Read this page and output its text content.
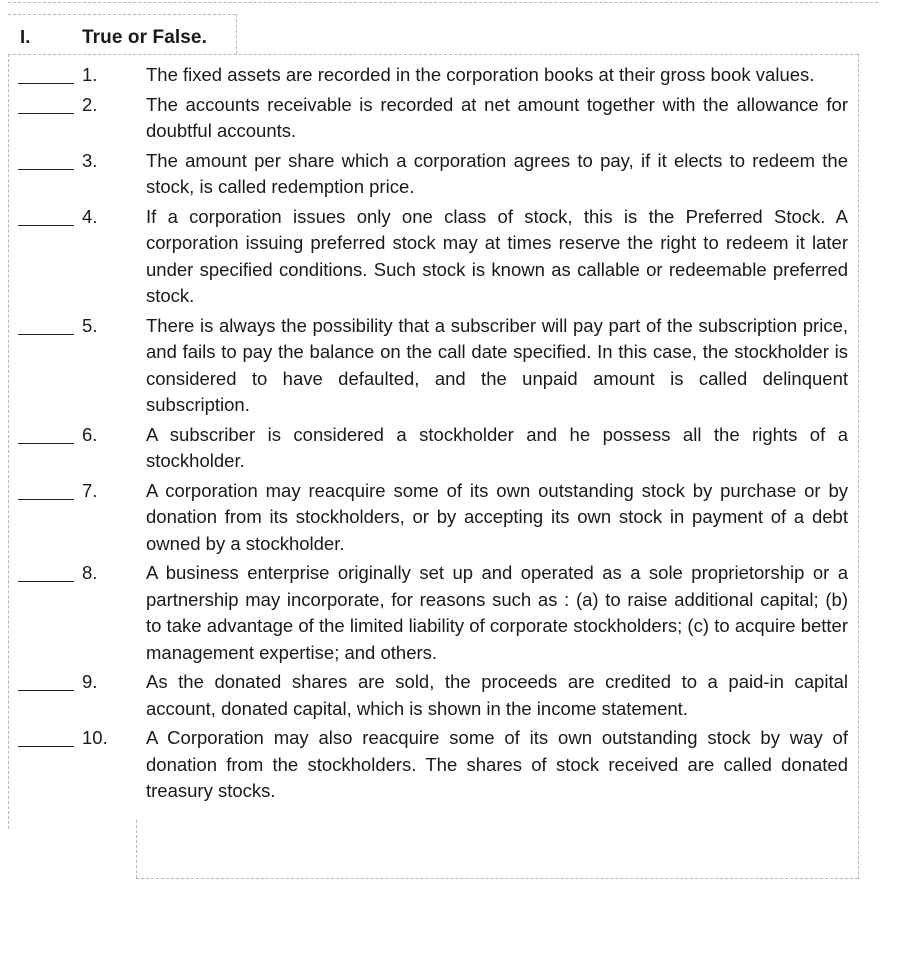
I.	True or False.
1.	The fixed assets are recorded in the corporation books at their gross book values.
2.	The accounts receivable is recorded at net amount together with the allowance for doubtful accounts.
3.	The amount per share which a corporation agrees to pay, if it elects to redeem the stock, is called redemption price.
4.	If a corporation issues only one class of stock, this is the Preferred Stock. A corporation issuing preferred stock may at times reserve the right to redeem it later under specified conditions. Such stock is known as callable or redeemable preferred stock.
5.	There is always the possibility that a subscriber will pay part of the subscription price, and fails to pay the balance on the call date specified. In this case, the stockholder is considered to have defaulted, and the unpaid amount is called delinquent subscription.
6.	A subscriber is considered a stockholder and he possess all the rights of a stockholder.
7.	A corporation may reacquire some of its own outstanding stock by purchase or by donation from its stockholders, or by accepting its own stock in payment of a debt owned by a stockholder.
8.	A business enterprise originally set up and operated as a sole proprietorship or a partnership may incorporate, for reasons such as : (a) to raise additional capital; (b) to take advantage of the limited liability of corporate stockholders; (c) to acquire better management expertise; and others.
9.	As the donated shares are sold, the proceeds are credited to a paid-in capital account, donated capital, which is shown in the income statement.
10.	A Corporation may also reacquire some of its own outstanding stock by way of donation from the stockholders. The shares of stock received are called donated treasury stocks.
